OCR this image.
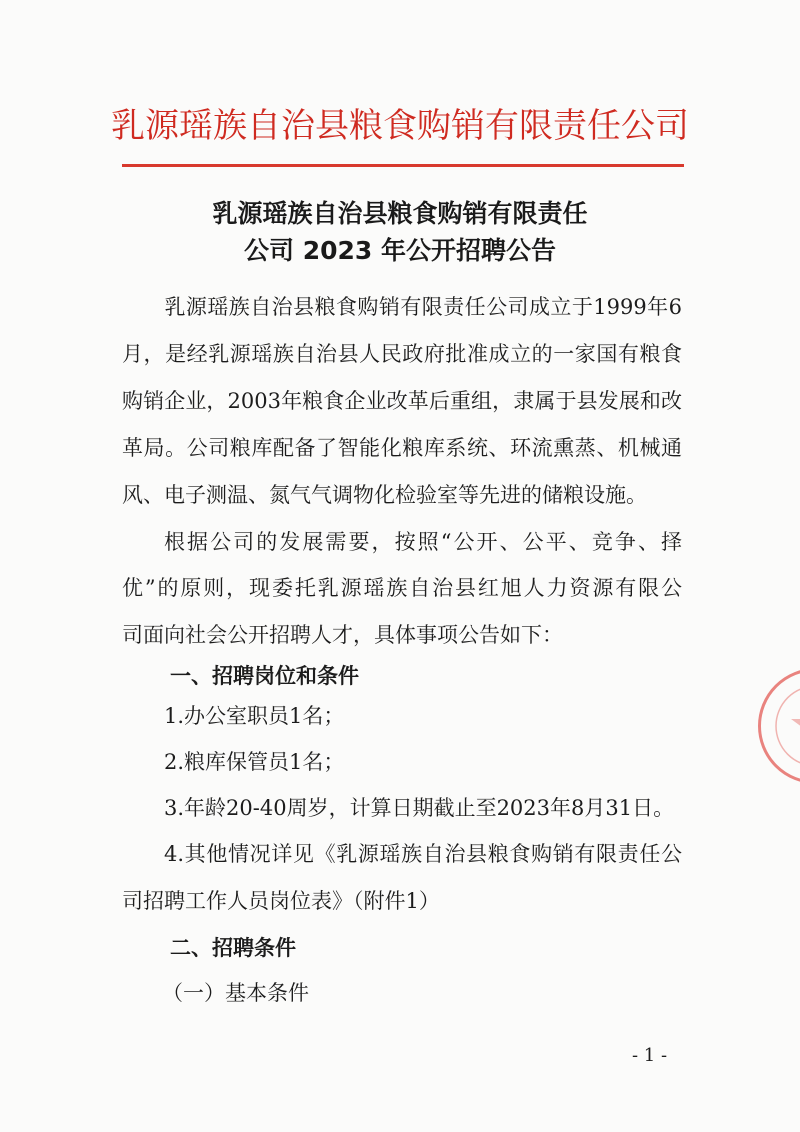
乳源瑶族自治县粮食购销有限责任公司
乳源瑶族自治县粮食购销有限责任
公司 2023 年公开招聘公告
乳源瑶族自治县粮食购销有限责任公司成立于1999年6
月，是经乳源瑶族自治县人民政府批准成立的一家国有粮食
购销企业，2003年粮食企业改革后重组，隶属于县发展和改
革局。公司粮库配备了智能化粮库系统、环流熏蒸、机械通
风、电子测温、氮气气调物化检验室等先进的储粮设施。
根据公司的发展需要，按照“公开、公平、竞争、择
优”的原则，现委托乳源瑶族自治县红旭人力资源有限公
司面向社会公开招聘人才，具体事项公告如下：
一、招聘岗位和条件
1.办公室职员1名；
2.粮库保管员1名；
3.年龄20-40周岁，计算日期截止至2023年8月31日。
4.其他情况详见《乳源瑶族自治县粮食购销有限责任公
司招聘工作人员岗位表》（附件1）
二、招聘条件
（一）基本条件
- 1 -
